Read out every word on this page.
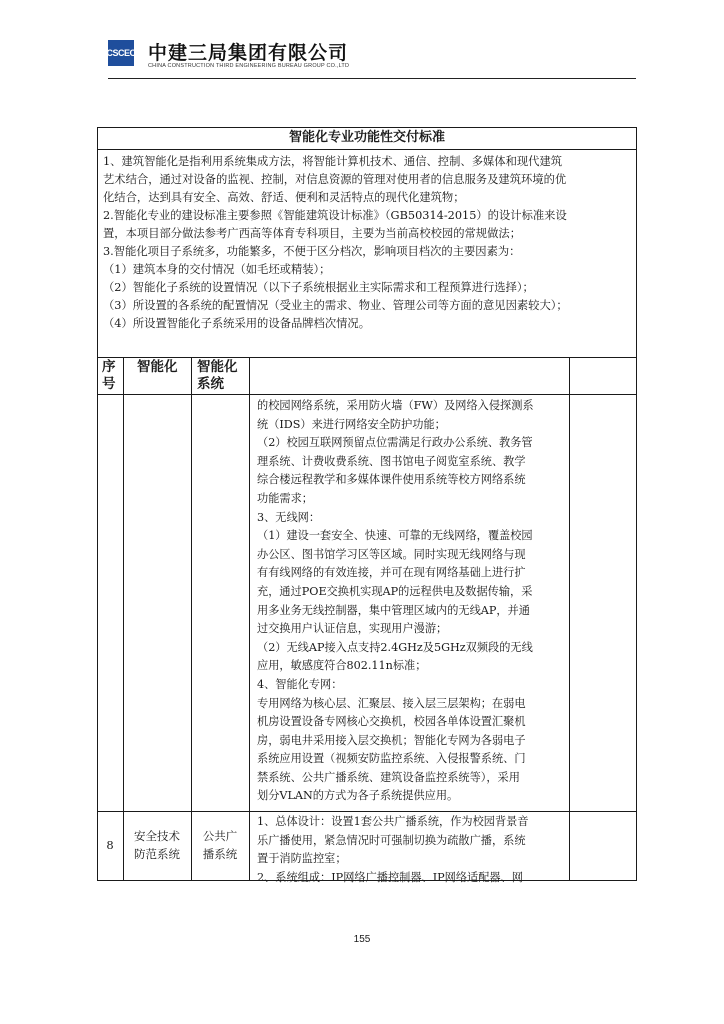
CSCEC 中建三局集团有限公司
CHINA CONSTRUCTION THIRD ENGINEERING BUREAU GROUP CO.,LTD
智能化专业功能性交付标准

1、建筑智能化是指利用系统集成方法，将智能计算机技术、通信、控制、多媒体和现代建筑

艺术结合，通过对设备的监视、控制，对信息资源的管理对使用者的信息服务及建筑环境的优

化结合，达到具有安全、高效、舒适、便利和灵活特点的现代化建筑物；

2.智能化专业的建设标准主要参照《智能建筑设计标准》（GB50314-2015）的设计标准来设

置，本项目部分做法参考广西高等体育专科项目，主要为当前高校校园的常规做法；

3.智能化项目子系统多，功能繁多，不便于区分档次，影响项目档次的主要因素为：

（1）建筑本身的交付情况（如毛坯或精装）；

（2）智能化子系统的设置情况（以下子系统根据业主实际需求和工程预算进行选择）；

（3）所设置的各系统的配置情况（受业主的需求、物业、管理公司等方面的意见因素较大）；

（4）所设置智能化子系统采用的设备品牌档次情况。

序号
智能化	智能化系统

的校园网络系统，采用防火墙（FW）及网络入侵探测系

统（IDS）来进行网络安全防护功能；

（2）校园互联网预留点位需满足行政办公系统、教务管

理系统、计费收费系统、图书馆电子阅览室系统、教学

综合楼远程教学和多媒体课件使用系统等校方网络系统

功能需求；

3、无线网：

（1）建设一套安全、快速、可靠的无线网络，覆盖校园

办公区、图书馆学习区等区域。同时实现无线网络与现

有有线网络的有效连接，并可在现有网络基础上进行扩

充，通过POE交换机实现AP的远程供电及数据传输，采

用多业务无线控制器，集中管理区域内的无线AP，并通

过交换用户认证信息，实现用户漫游；

（2）无线AP接入点支持2.4GHz及5GHz双频段的无线

应用，敏感度符合802.11n标准；

4、智能化专网：

专用网络为核心层、汇聚层、接入层三层架构；在弱电

机房设置设备专网核心交换机，校园各单体设置汇聚机

房，弱电井采用接入层交换机；智能化专网为各弱电子

系统应用设置（视频安防监控系统、入侵报警系统、门

禁系统、公共广播系统、建筑设备监控系统等），采用

划分VLAN的方式为各子系统提供应用。

8
安全技术
防范系统
公共广
播系统

1、总体设计：设置1套公共广播系统，作为校园背景音

乐广播使用，紧急情况时可强制切换为疏散广播，系统

置于消防监控室；

2、系统组成：IP网络广播控制器、IP网络适配器、网

155
